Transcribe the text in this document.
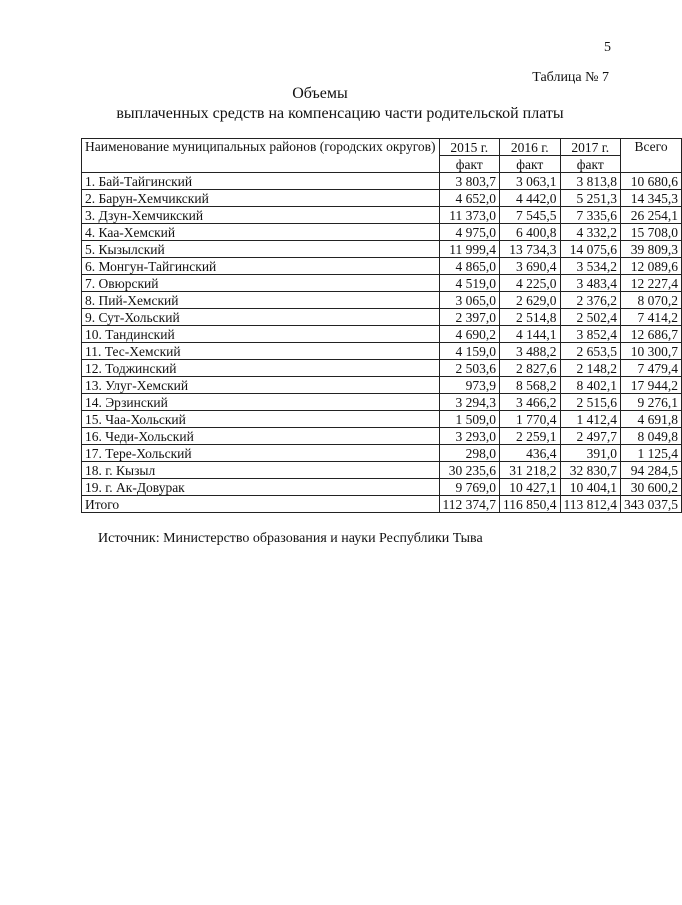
5
Таблица № 7
Объемы
выплаченных средств на компенсацию части родительской платы
Наименование муниципальных районов (городских округов)	2015 г.	2016 г.	2017 г.	Всего
	факт	факт	факт	
1. Бай-Тайгинский	3 803,7	3 063,1	3 813,8	10 680,6
2. Барун-Хемчикский	4 652,0	4 442,0	5 251,3	14 345,3
3. Дзун-Хемчикский	11 373,0	7 545,5	7 335,6	26 254,1
4. Каа-Хемский	4 975,0	6 400,8	4 332,2	15 708,0
5. Кызылский	11 999,4	13 734,3	14 075,6	39 809,3
6. Монгун-Тайгинский	4 865,0	3 690,4	3 534,2	12 089,6
7. Овюрский	4 519,0	4 225,0	3 483,4	12 227,4
8. Пий-Хемский	3 065,0	2 629,0	2 376,2	8 070,2
9. Сут-Хольский	2 397,0	2 514,8	2 502,4	7 414,2
10. Тандинский	4 690,2	4 144,1	3 852,4	12 686,7
11. Тес-Хемский	4 159,0	3 488,2	2 653,5	10 300,7
12. Тоджинский	2 503,6	2 827,6	2 148,2	7 479,4
13. Улуг-Хемский	973,9	8 568,2	8 402,1	17 944,2
14. Эрзинский	3 294,3	3 466,2	2 515,6	9 276,1
15. Чаа-Хольский	1 509,0	1 770,4	1 412,4	4 691,8
16. Чеди-Хольский	3 293,0	2 259,1	2 497,7	8 049,8
17. Тере-Хольский	298,0	436,4	391,0	1 125,4
18. г. Кызыл	30 235,6	31 218,2	32 830,7	94 284,5
19. г. Ак-Довурак	9 769,0	10 427,1	10 404,1	30 600,2
Итого	112 374,7	116 850,4	113 812,4	343 037,5
Источник: Министерство образования и науки Республики Тыва
